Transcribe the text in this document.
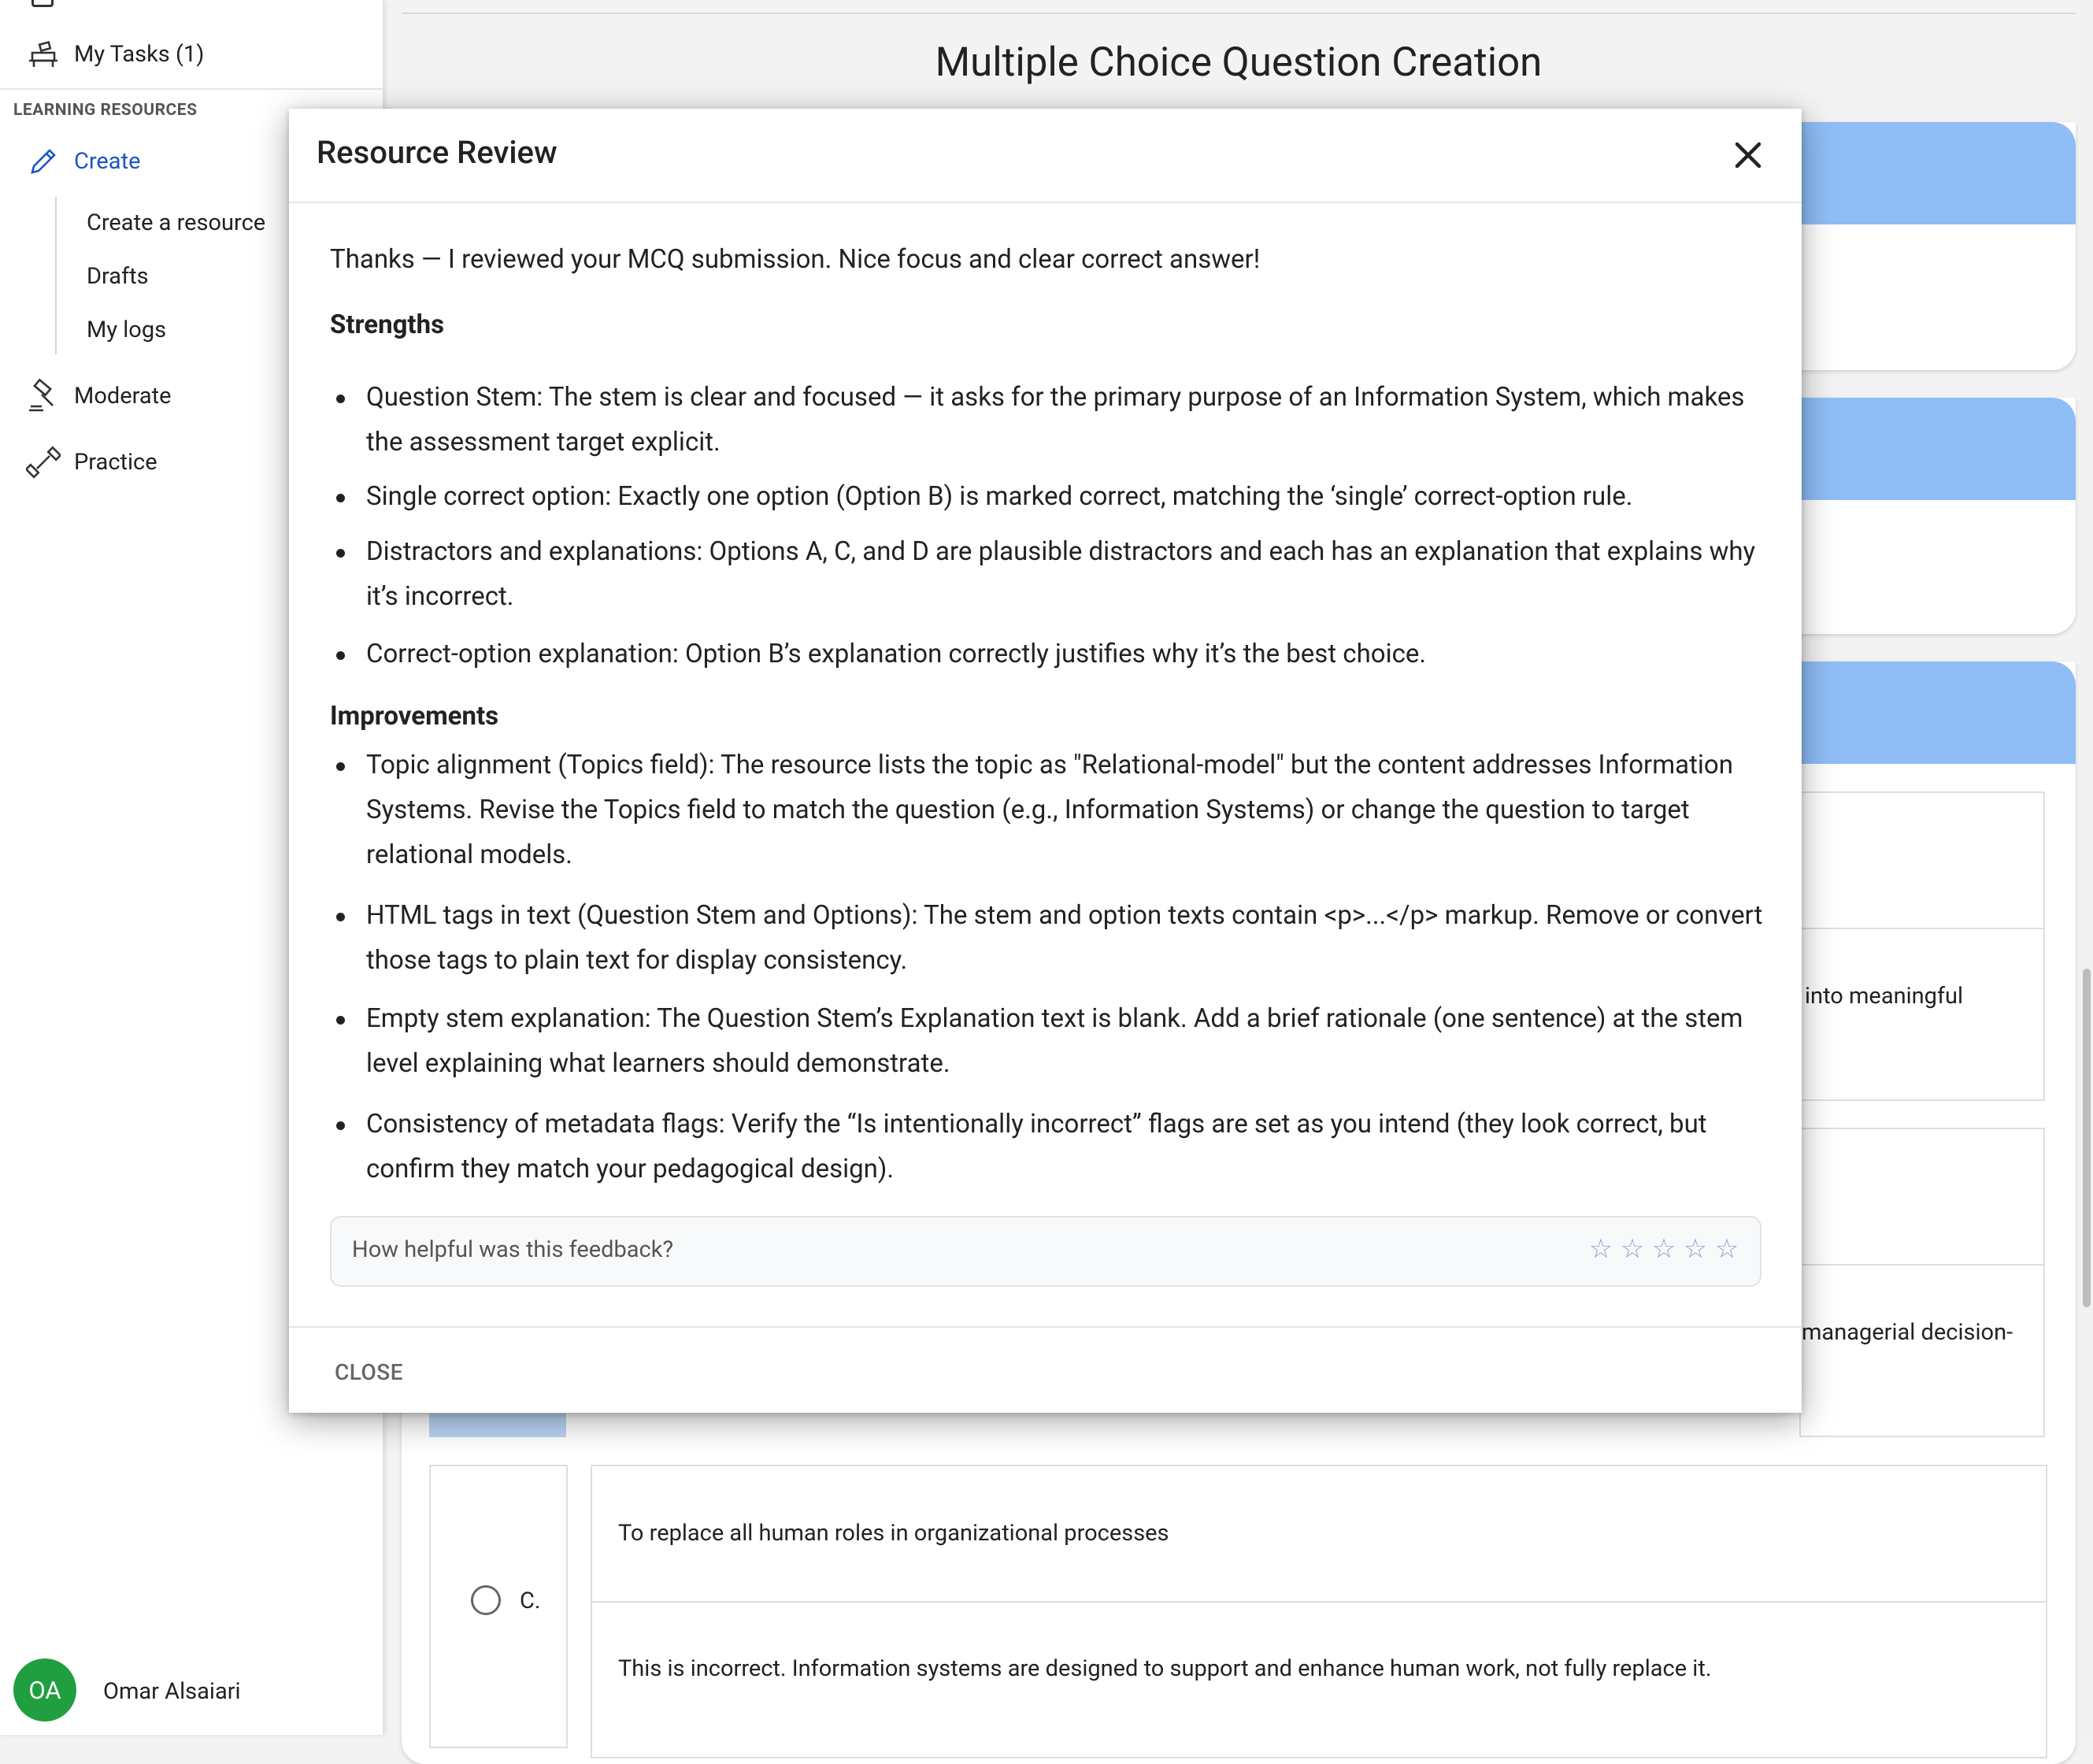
My Tasks (1)
LEARNING RESOURCES
Create
Create a resource
Drafts
My logs
Moderate
Practice
OA	Omar Alsaiari
Multiple Choice Question Creation
into meaningful
managerial decision-
C.
To replace all human roles in organizational processes
This is incorrect. Information systems are designed to support and enhance human work, not fully replace it.
Resource Review
Thanks — I reviewed your MCQ submission. Nice focus and clear correct answer!
Strengths
Question Stem: The stem is clear and focused — it asks for the primary purpose of an Information System, which makes the assessment target explicit.
Single correct option: Exactly one option (Option B) is marked correct, matching the ‘single’ correct-option rule.
Distractors and explanations: Options A, C, and D are plausible distractors and each has an explanation that explains why it’s incorrect.
Correct-option explanation: Option B’s explanation correctly justifies why it’s the best choice.
Improvements
Topic alignment (Topics field): The resource lists the topic as "Relational-model" but the content addresses Information Systems. Revise the Topics field to match the question (e.g., Information Systems) or change the question to target relational models.
HTML tags in text (Question Stem and Options): The stem and option texts contain <p>...</p> markup. Remove or convert those tags to plain text for display consistency.
Empty stem explanation: The Question Stem’s Explanation text is blank. Add a brief rationale (one sentence) at the stem level explaining what learners should demonstrate.
Consistency of metadata flags: Verify the “Is intentionally incorrect” flags are set as you intend (they look correct, but confirm they match your pedagogical design).
How helpful was this feedback?	☆ ☆ ☆ ☆ ☆
CLOSE
